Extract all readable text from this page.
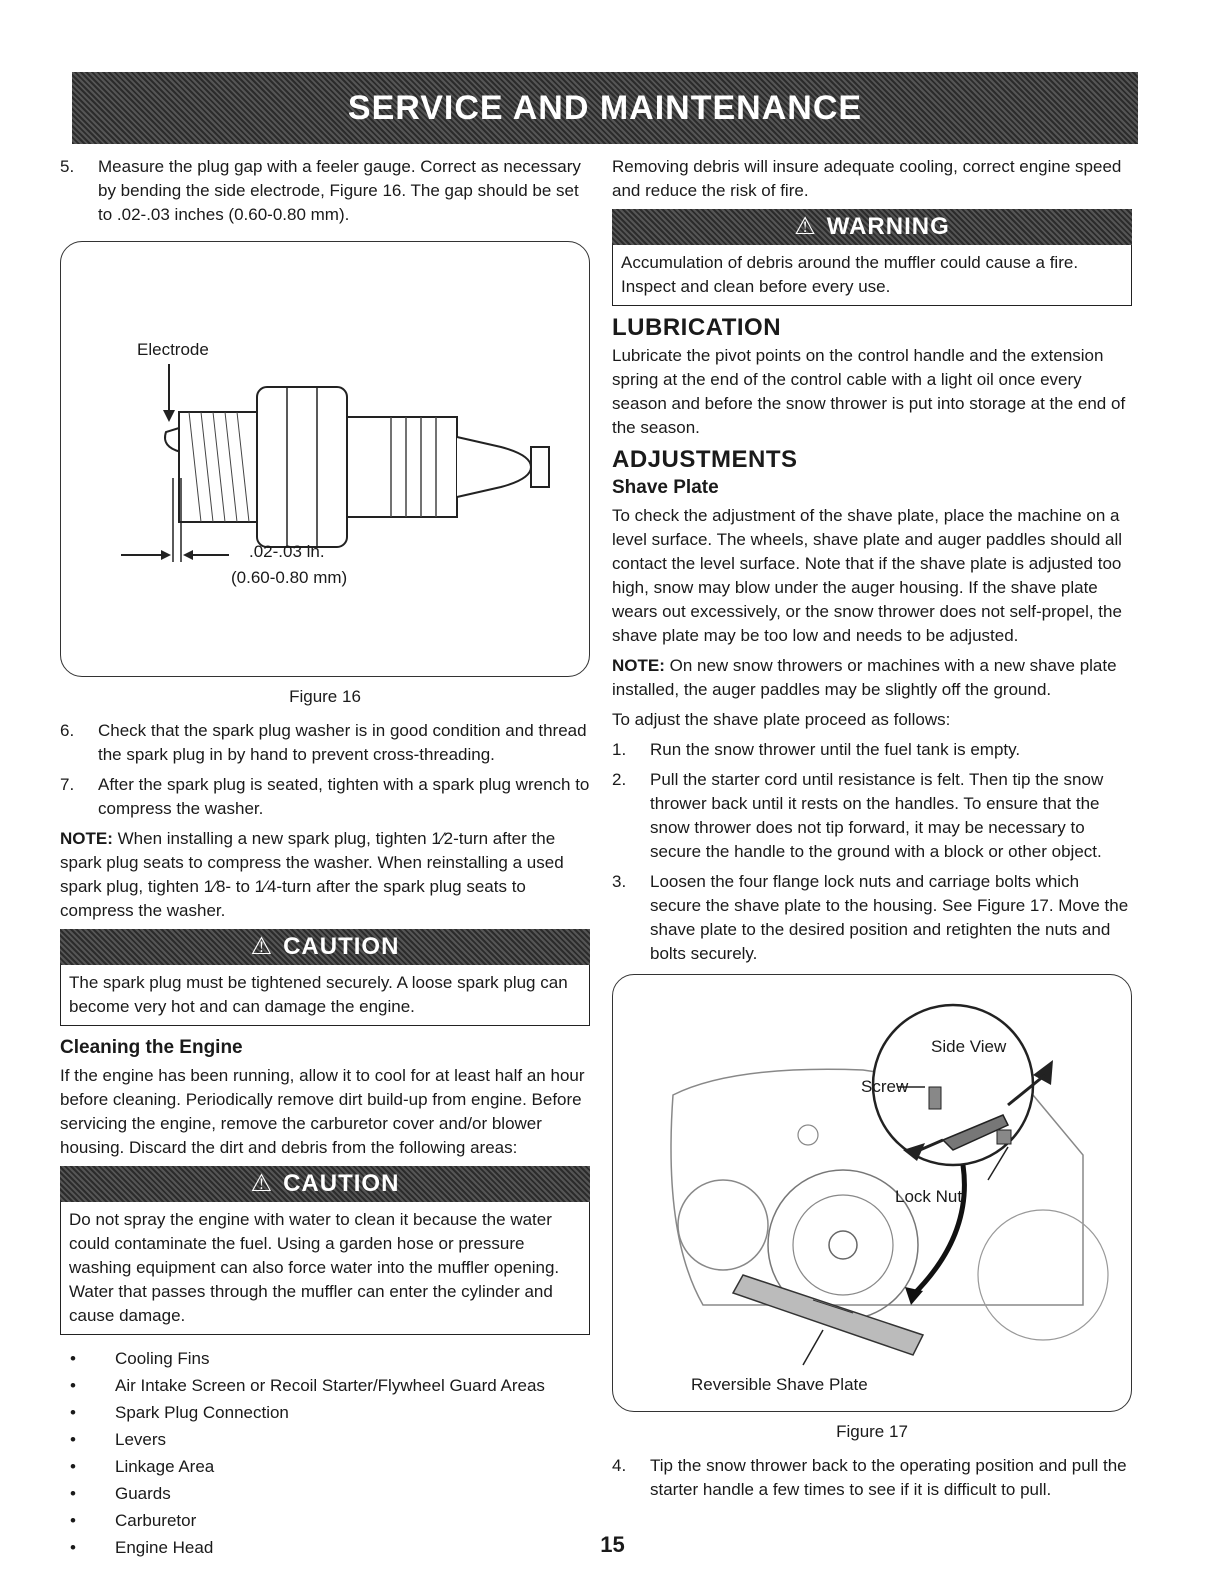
SERVICE AND MAINTENANCE
5.	Measure the plug gap with a feeler gauge. Correct as necessary by bending the side electrode, Figure 16. The gap should be set to .02-.03 inches (0.60-0.80 mm).
Electrode
.02-.03 in.
(0.60-0.80 mm)
Figure 16
6.	Check that the spark plug washer is in good condition and thread the spark plug in by hand to prevent cross-threading.
7.	After the spark plug is seated, tighten with a spark plug wrench to compress the washer.

NOTE: When installing a new spark plug, tighten 1⁄2-turn after the spark plug seats to compress the washer. When reinstalling a used spark plug, tighten 1⁄8- to 1⁄4-turn after the spark plug seats to compress the washer.

⚠ CAUTION
The spark plug must be tightened securely. A loose spark plug can become very hot and can damage the engine.
Cleaning the Engine

If the engine has been running, allow it to cool for at least half an hour before cleaning. Periodically remove dirt build-up from engine. Before servicing the engine, remove the carburetor cover and/or blower housing. Discard the dirt and debris from the following areas:

⚠ CAUTION
Do not spray the engine with water to clean it because the water could contaminate the fuel. Using a garden hose or pressure washing equipment can also force water into the muffler opening. Water that passes through the muffler can enter the cylinder and cause damage.
•	Cooling Fins
•	Air Intake Screen or Recoil Starter/Flywheel Guard Areas
•	Spark Plug Connection
•	Levers
•	Linkage Area
•	Guards
•	Carburetor
•	Engine Head

Removing debris will insure adequate cooling, correct engine speed and reduce the risk of fire.

⚠ WARNING
Accumulation of debris around the muffler could cause a fire. Inspect and clean before every use.
LUBRICATION

Lubricate the pivot points on the control handle and the extension spring at the end of the control cable with a light oil once every season and before the snow thrower is put into storage at the end of the season.

ADJUSTMENTS
Shave Plate

To check the adjustment of the shave plate, place the machine on a level surface. The wheels, shave plate and auger paddles should all contact the level surface. Note that if the shave plate is adjusted too high, snow may blow under the auger housing. If the shave plate wears out excessively, or the snow thrower does not self-propel, the shave plate may be too low and needs to be adjusted.

NOTE: On new snow throwers or machines with a new shave plate installed, the auger paddles may be slightly off the ground.

To adjust the shave plate proceed as follows:

1.	Run the snow thrower until the fuel tank is empty.
2.	Pull the starter cord until resistance is felt. Then tip the snow thrower back until it rests on the handles. To ensure that the snow thrower does not tip forward, it may be necessary to secure the handle to the ground with a block or other object.
3.	Loosen the four flange lock nuts and carriage bolts which secure the shave plate to the housing. See Figure 17. Move the shave plate to the desired position and retighten the nuts and bolts securely.
Side View
Screw
Lock Nut
Reversible Shave Plate
Figure 17
4.	Tip the snow thrower back to the operating position and pull the starter handle a few times to see if it is difficult to pull.
15
